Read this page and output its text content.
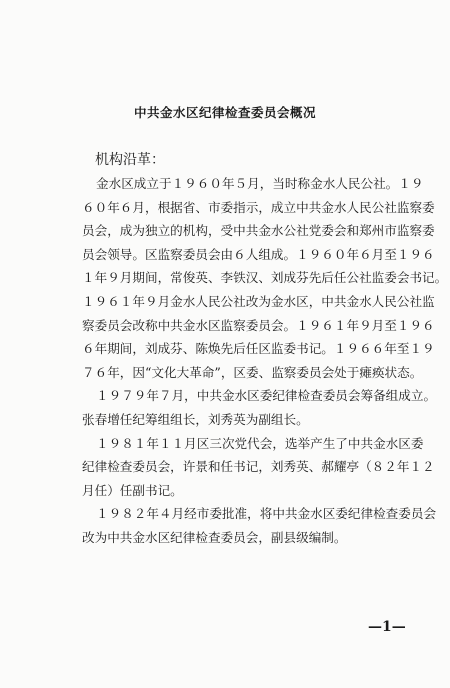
中共金水区纪律检查委员会概况
机构沿革：
金水区成立于１９６０年５月，当时称金水人民公社。１９
６０年６月，根据省、市委指示，成立中共金水人民公社监察委
员会，成为独立的机构，受中共金水公社党委会和郑州市监察委
员会领导。区监察委员会由６人组成。１９６０年６月至１９６
１年９月期间，常俊英、李铁汉、刘成芬先后任公社监委会书记。
１９６１年９月金水人民公社改为金水区，中共金水人民公社监
察委员会改称中共金水区监察委员会。１９６１年９月至１９６
６年期间，刘成芬、陈焕先后任区监委书记。１９６６年至１９
７６年，因“文化大革命”，区委、监察委员会处于瘫痪状态。
１９７９年７月，中共金水区委纪律检查委员会筹备组成立。
张春增任纪筹组组长，刘秀英为副组长。
１９８１年１１月区三次党代会，选举产生了中共金水区委
纪律检查委员会，许景和任书记，刘秀英、郝耀亭（８２年１２
月任）任副书记。
１９８２年４月经市委批准，将中共金水区委纪律检查委员会
改为中共金水区纪律检查委员会，副县级编制。
—1—
